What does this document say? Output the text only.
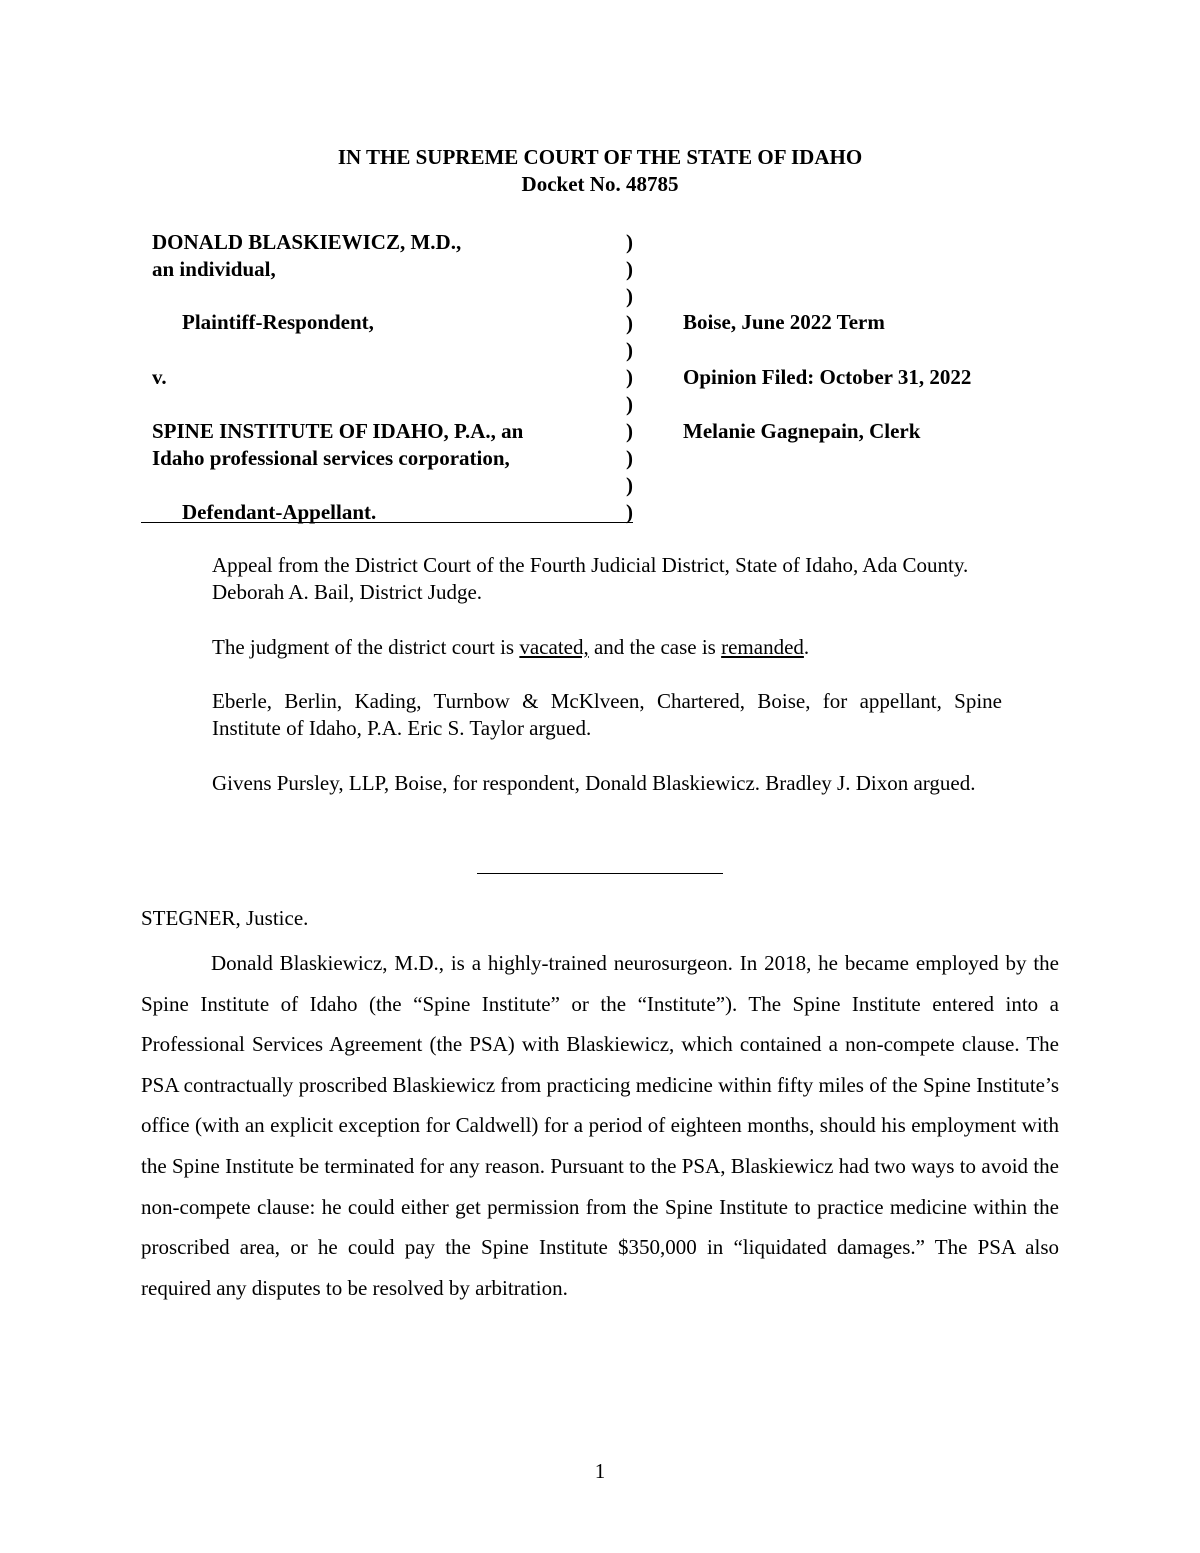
IN THE SUPREME COURT OF THE STATE OF IDAHO
Docket No. 48785
DONALD BLASKIEWICZ, M.D.,
an individual,
Plaintiff-Respondent,
v.
SPINE INSTITUTE OF IDAHO, P.A., an
Idaho professional services corporation,
Defendant-Appellant.
)
)
)
)
)
)
)
)
)
)
)
Boise, June 2022 Term
Opinion Filed: October 31, 2022
Melanie Gagnepain, Clerk

Appeal from the District Court of the Fourth Judicial District, State of Idaho, Ada County. Deborah A. Bail, District Judge.

The judgment of the district court is vacated, and the case is remanded.

Eberle, Berlin, Kading, Turnbow & McKlveen, Chartered, Boise, for appellant, Spine Institute of Idaho, P.A. Eric S. Taylor argued.

Givens Pursley, LLP, Boise, for respondent, Donald Blaskiewicz. Bradley J. Dixon argued.

STEGNER, Justice.

Donald Blaskiewicz, M.D., is a highly-trained neurosurgeon. In 2018, he became employed by the Spine Institute of Idaho (the “Spine Institute” or the “Institute”). The Spine Institute entered into a Professional Services Agreement (the PSA) with Blaskiewicz, which contained a non-compete clause. The PSA contractually proscribed Blaskiewicz from practicing medicine within fifty miles of the Spine Institute’s office (with an explicit exception for Caldwell) for a period of eighteen months, should his employment with the Spine Institute be terminated for any reason. Pursuant to the PSA, Blaskiewicz had two ways to avoid the non-compete clause: he could either get permission from the Spine Institute to practice medicine within the proscribed area, or he could pay the Spine Institute $350,000 in “liquidated damages.” The PSA also required any disputes to be resolved by arbitration.

1
